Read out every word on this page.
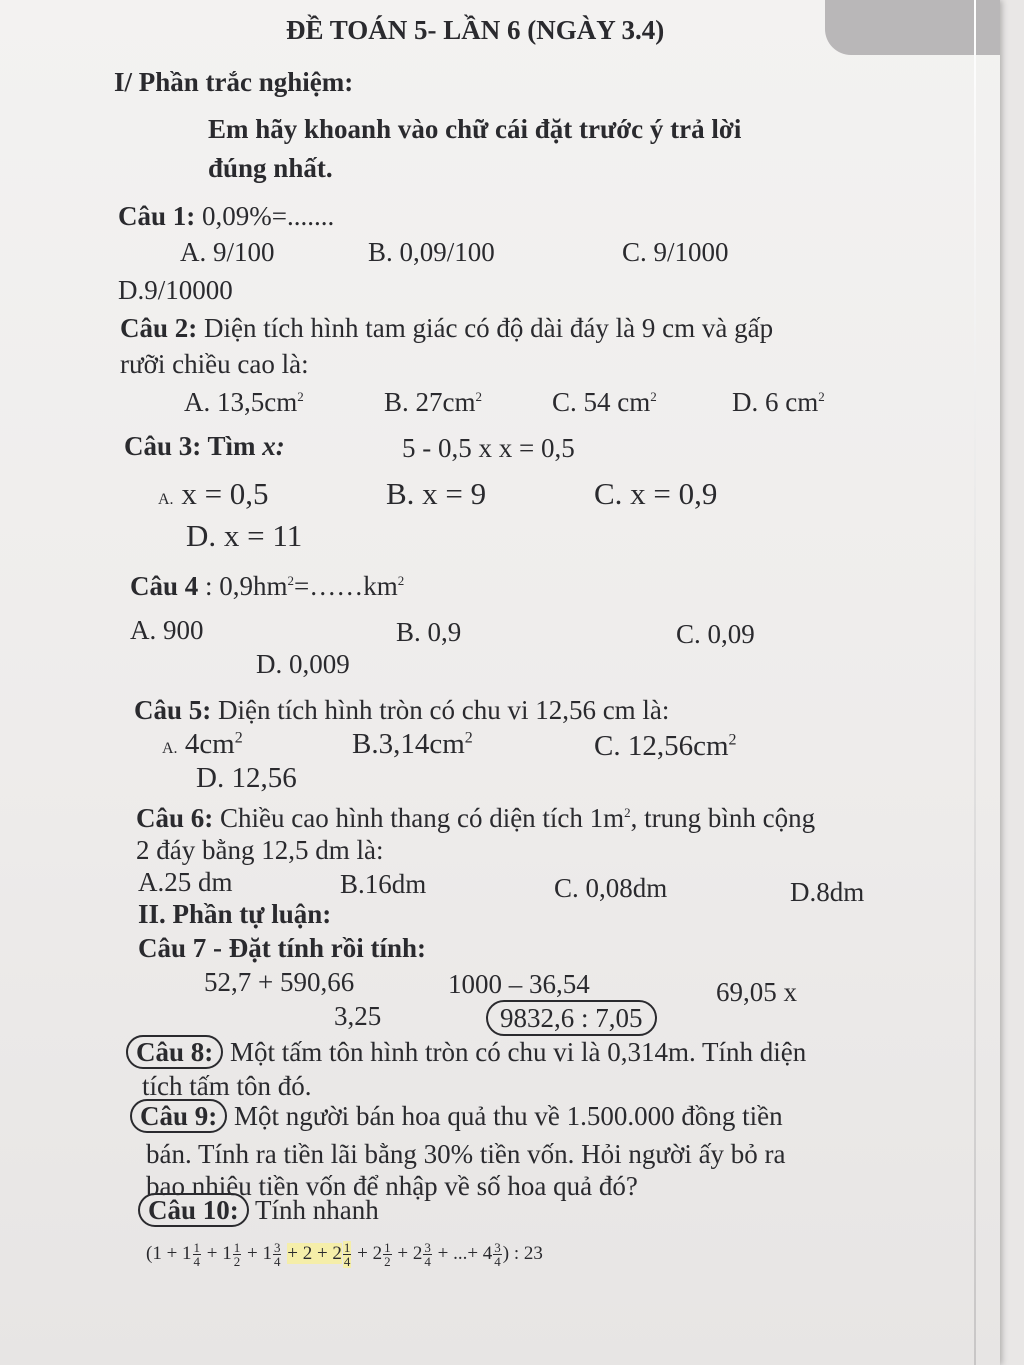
ĐỀ TOÁN 5- LẦN 6 (NGÀY 3.4)
I/ Phần trắc nghiệm:
Em hãy khoanh vào chữ cái đặt trước ý trả lời
đúng nhất.
Câu 1: 0,09%=.......
A. 9/100	B. 0,09/100	C. 9/1000
D.9/10000
Câu 2: Diện tích hình tam giác có độ dài đáy là 9 cm và gấp
rưỡi chiều cao là:
A. $13,5cm^2$	B. $27cm^2$	C. 54 $cm^2$	D. 6 $cm^2$
Câu 3: Tìm x:	5 - 0,5 x x = 0,5
A. x = 0,5	B. x = 9	C. x = 0,9
D. x = 11
Câu 4 : $0,9hm^2=\dots\dots km^2$
A. 900	B. 0,9	C. 0,09
D. 0,009
Câu 5: Diện tích hình tròn có chu vi 12,56 cm là:
A. $4cm^2$	$B.3,14cm^2$	C. $12,56cm^2$
D. 12,56
Câu 6: Chiều cao hình thang có diện tích $1m^2$, trung bình cộng
2 đáy bằng 12,5 dm là:
A.25 dm	B.16dm	C. 0,08dm	D.8dm
II. Phần tự luận:
Câu 7 - Đặt tính rồi tính:
52,7 + 590,66	1000 – 36,54	69,05 x
3,25	9832,6 : 7,05
Câu 8: Một tấm tôn hình tròn có chu vi là 0,314m. Tính diện
tích tấm tôn đó.
Câu 9: Một người bán hoa quả thu về 1.500.000 đồng tiền
bán. Tính ra tiền lãi bằng 30% tiền vốn. Hỏi người ấy bỏ ra
bao nhiêu tiền vốn để nhập về số hoa quả đó?
Câu 10: Tính nhanh
($1 + 1 \frac{1}{4} + 1 \frac{1}{2} + 1 \frac{3}{4} + 2 + 2 \frac{1}{4} + 2 \frac{1}{2} + 2 \frac{3}{4}$ + ...+ $4 \frac{3}{4}$ ) : 23
